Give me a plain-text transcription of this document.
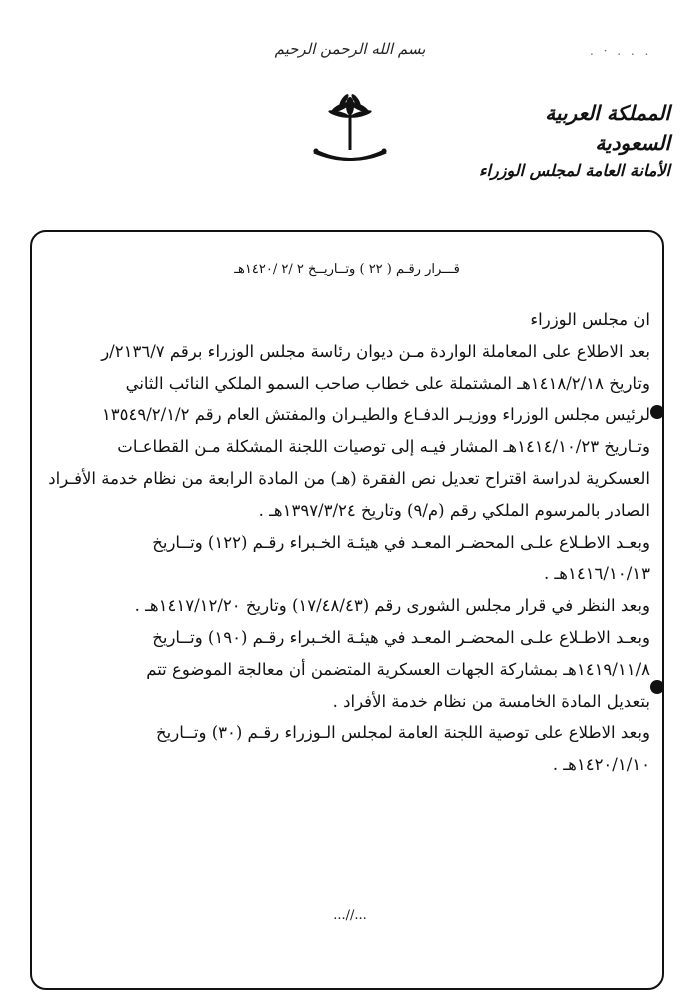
بسم الله الرحمن الرحيم	. · . . .
المملكة العربية السعودية
الأمانة العامة لمجلس الوزراء
قـــرار رقـم ( ٢٢ ) وتــاريــخ ٢ /٢ /١٤٢٠هـ
ان مجلس الوزراء
بعد الاطلاع على المعاملة الواردة مـن ديوان رئاسة مجلس الوزراء برقم ٢١٣٦/٧/ر
وتاريخ ١٤١٨/٢/١٨هـ المشتملة على خطاب صاحب السمو الملكي النائب الثاني
لرئيس مجلس الوزراء ووزيـر الدفـاع والطيـران والمفتش العام رقم ١٣٥٤٩/٢/١/٢
وتـاريخ ١٤١٤/١٠/٢٣هـ المشار فيـه إلى توصيات اللجنة المشكلة مـن القطاعـات
العسكرية لدراسة اقتراح تعديل نص الفقرة (هـ) من المادة الرابعة من نظام خدمة الأفـراد
الصادر بالمرسوم الملكي رقم (م/٩) وتاريخ ١٣٩٧/٣/٢٤هـ .
وبعـد الاطـلاع علـى المحضـر المعـد في هيئـة الخـبراء رقـم (١٢٢) وتــاريخ
١٤١٦/١٠/١٣هـ .
وبعد النظر في قرار مجلس الشورى رقم (١٧/٤٨/٤٣) وتاريخ ١٤١٧/١٢/٢٠هـ .
وبعـد الاطـلاع علـى المحضـر المعـد في هيئـة الخـبراء رقـم (١٩٠) وتــاريخ
١٤١٩/١١/٨هـ بمشاركة الجهات العسكرية المتضمن أن معالجة الموضوع تتم
بتعديل المادة الخامسة من نظام خدمة الأفراد .
وبعد الاطلاع على توصية اللجنة العامة لمجلس الـوزراء رقـم (٣٠) وتــاريخ
١٤٢٠/١/١٠هـ .
...//...
